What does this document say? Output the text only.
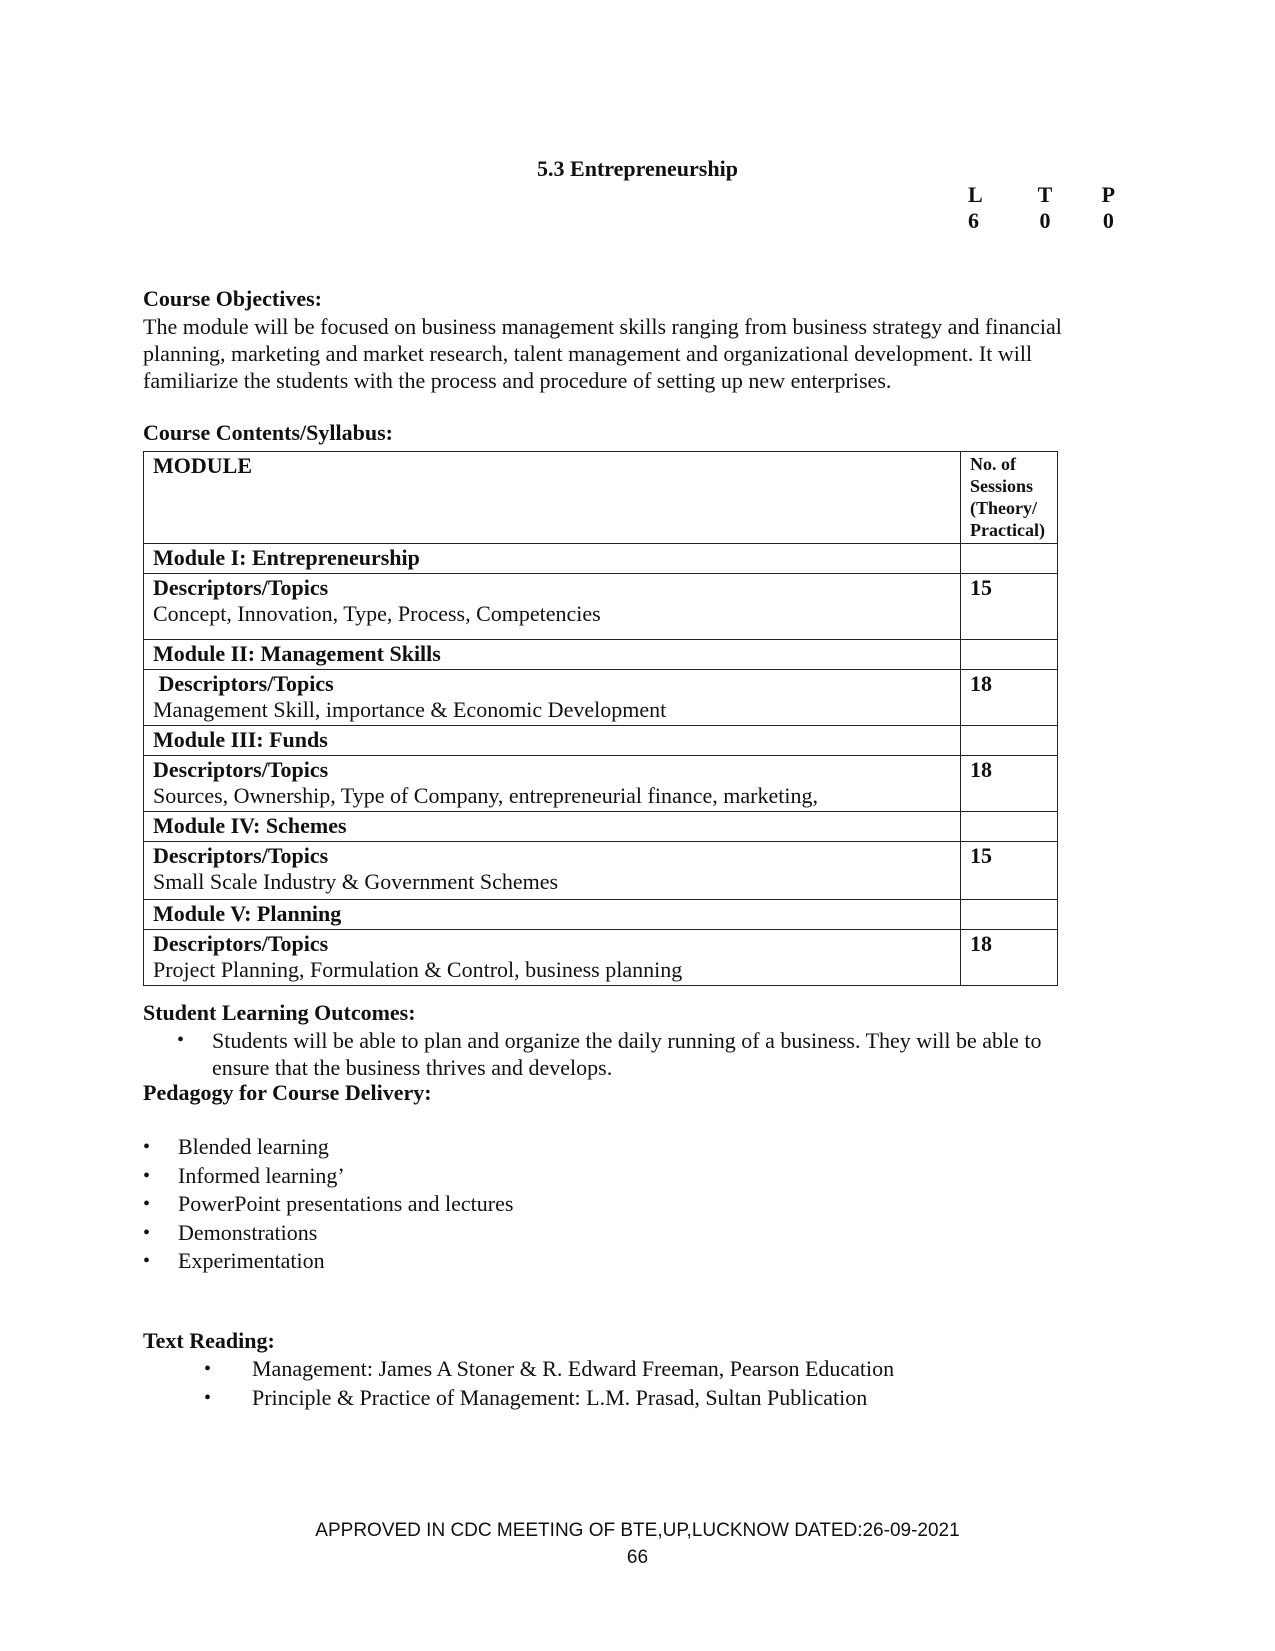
5.3 Entrepreneurship
L	T	P
6	0	0
Course Objectives:
The module will be focused on business management skills ranging from business strategy and financial
planning, marketing and market research, talent management and organizational development. It will
familiarize the students with the process and procedure of setting up new enterprises.
Course Contents/Syllabus:
MODULE	No. of
Sessions
(Theory/
Practical)

Module I: Entrepreneurship	

Descriptors/Topics
Concept, Innovation, Type, Process, Competencies	15
Module II: Management Skills	

Descriptors/Topics
Management Skill, importance & Economic Development	18
Module III: Funds	

Descriptors/Topics
Sources, Ownership, Type of Company, entrepreneurial finance, marketing,	18
Module IV: Schemes	

Descriptors/Topics
Small Scale Industry & Government Schemes	15
Module V: Planning	

Descriptors/Topics
Project Planning, Formulation & Control, business planning	18
Student Learning Outcomes:
•	Students will be able to plan and organize the daily running of a business. They will be able to
ensure that the business thrives and develops.
Pedagogy for Course Delivery:
• Blended learning
• Informed learning’
• PowerPoint presentations and lectures
• Demonstrations
• Experimentation
Text Reading:
• Management: James A Stoner & R. Edward Freeman, Pearson Education
• Principle & Practice of Management: L.M. Prasad, Sultan Publication
APPROVED IN CDC MEETING OF BTE,UP,LUCKNOW DATED:26-09-2021
66
